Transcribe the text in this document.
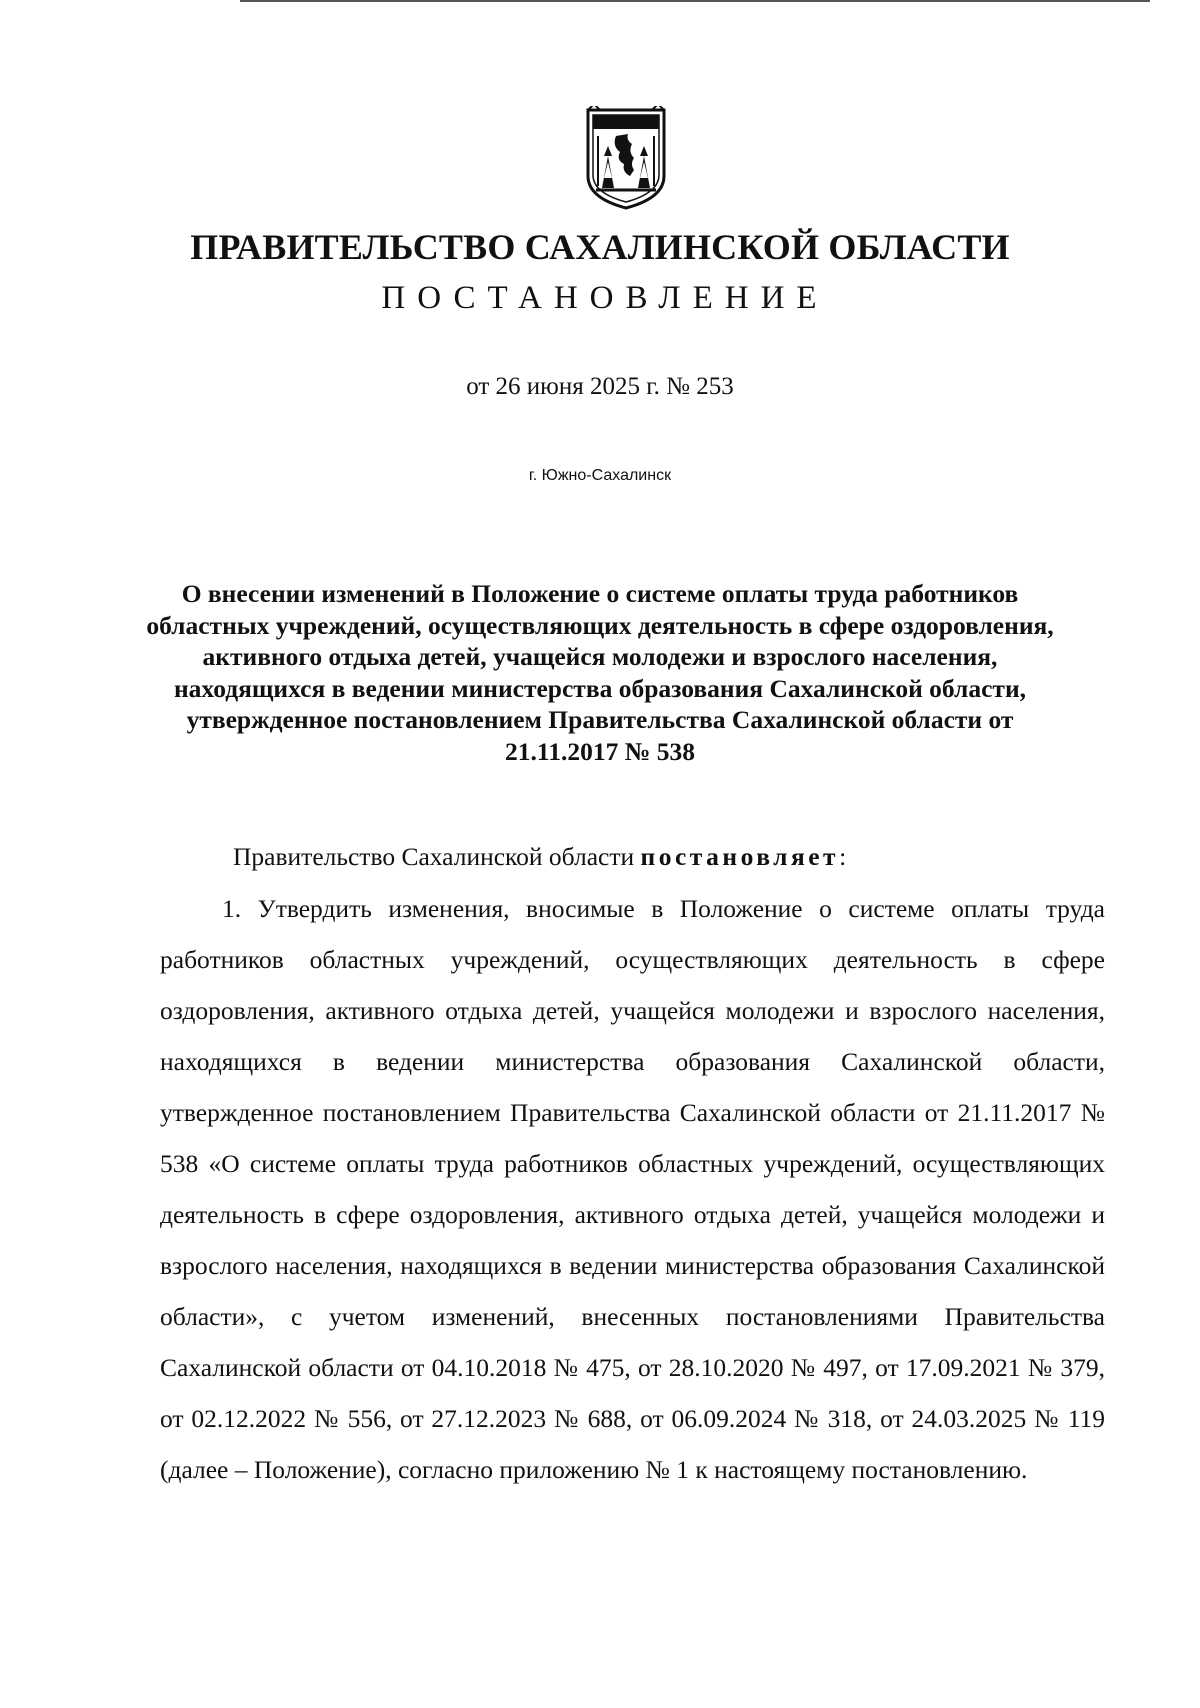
ПРАВИТЕЛЬСТВО САХАЛИНСКОЙ ОБЛАСТИ
ПОСТАНОВЛЕНИЕ
от 26 июня 2025 г. № 253
г. Южно-Сахалинск
О внесении изменений в Положение о системе оплаты труда работников областных учреждений, осуществляющих деятельность в сфере оздоровления, активного отдыха детей, учащейся молодежи и взрослого населения, находящихся в ведении министерства образования Сахалинской области, утвержденное постановлением Правительства Сахалинской области от 21.11.2017 № 538
Правительство Сахалинской области постановляет:
1. Утвердить изменения, вносимые в Положение о системе оплаты труда работников областных учреждений, осуществляющих деятельность в сфере оздоровления, активного отдыха детей, учащейся молодежи и взрослого населения, находящихся в ведении министерства образования Сахалинской области, утвержденное постановлением Правительства Сахалинской области от 21.11.2017 № 538 «О системе оплаты труда работников областных учреждений, осуществляющих деятельность в сфере оздоровления, активного отдыха детей, учащейся молодежи и взрослого населения, находящихся в ведении министерства образования Сахалинской области», с учетом изменений, внесенных постановлениями Правительства Сахалинской области от 04.10.2018 № 475, от 28.10.2020 № 497, от 17.09.2021 № 379, от 02.12.2022 № 556, от 27.12.2023 № 688, от 06.09.2024 № 318, от 24.03.2025 № 119 (далее – Положение), согласно приложению № 1 к настоящему постановлению.
